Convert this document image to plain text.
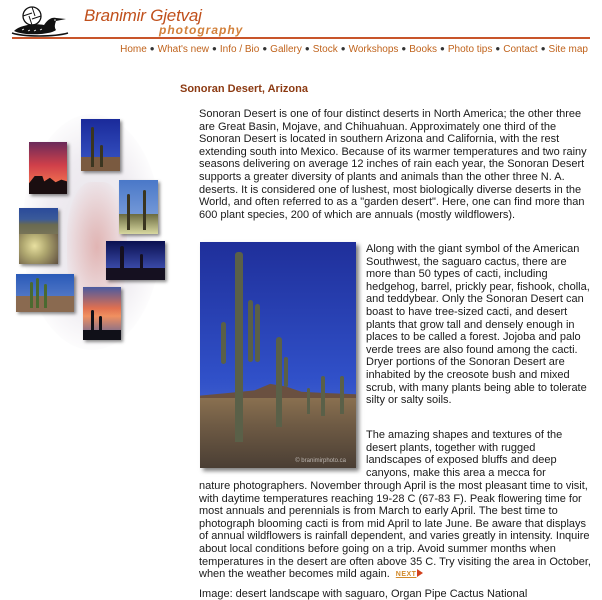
Branimir Gjetvaj
photography
Home ● What's new ● Info / Bio ● Gallery ● Stock ● Workshops ● Books ● Photo tips ● Contact ● Site map
Sonoran Desert, Arizona
Sonoran Desert is one of four distinct deserts in North America; the other three are Great Basin, Mojave, and Chihuahuan. Approximately one third of the Sonoran Desert is located in southern Arizona and California, with the rest extending south into Mexico. Because of its warmer temperatures and two rainy seasons delivering on average 12 inches of rain each year, the Sonoran Desert supports a greater diversity of plants and animals than the other three N. A. deserts. It is considered one of lushest, most biologically diverse deserts in the World, and often referred to as a "garden desert". Here, one can find more than 600 plant species, 200 of which are annuals (mostly wildflowers).
© branimirphoto.ca
Along with the giant symbol of the American Southwest, the saguaro cactus, there are more than 50 types of cacti, including hedgehog, barrel, prickly pear, fishook, cholla, and teddybear. Only the Sonoran Desert can boast to have tree-sized cacti, and desert plants that grow tall and densely enough in places to be called a forest. Jojoba and palo verde trees are also found among the cacti. Dryer portions of the Sonoran Desert are inhabited by the creosote bush and mixed scrub, with many plants being able to tolerate silty or salty soils.
The amazing shapes and textures of the desert plants, together with rugged landscapes of exposed bluffs and deep canyons, make this area a mecca for
nature photographers. November through April is the most pleasant time to visit, with daytime temperatures reaching 19-28 C (67-83 F). Peak flowering time for most annuals and perennials is from March to early April. The best time to photograph blooming cacti is from mid April to late June. Be aware that displays of annual wildflowers is rainfall dependent, and varies greatly in intensity. Inquire about local conditions before going on a trip. Avoid summer months when temperatures in the desert are often above 35 C. Try visiting the area in October, when the weather becomes mild again. NEXT
Image: desert landscape with saguaro, Organ Pipe Cactus National
